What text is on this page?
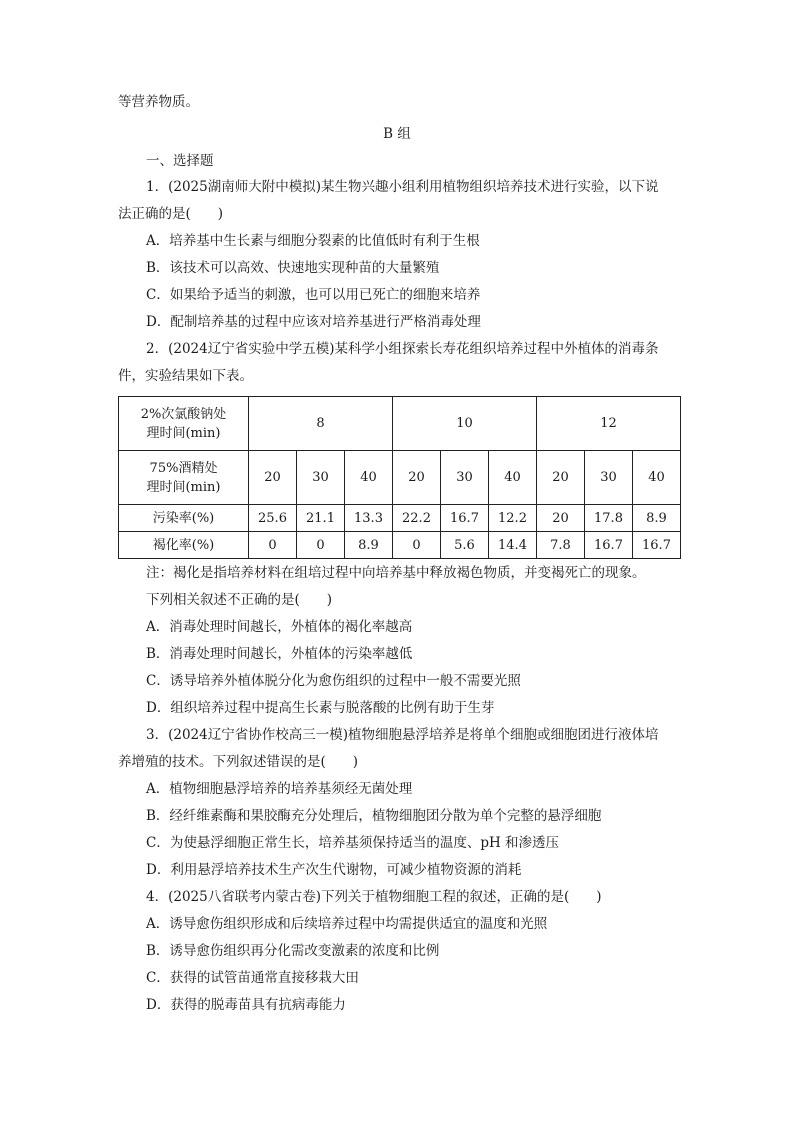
等营养物质。
B 组
一、选择题
1．(2025湖南师大附中模拟)某生物兴趣小组利用植物组织培养技术进行实验，以下说
法正确的是(　　)
A．培养基中生长素与细胞分裂素的比值低时有利于生根
B．该技术可以高效、快速地实现种苗的大量繁殖
C．如果给予适当的刺激，也可以用已死亡的细胞来培养
D．配制培养基的过程中应该对培养基进行严格消毒处理
2．(2024辽宁省实验中学五模)某科学小组探索长寿花组织培养过程中外植体的消毒条
件，实验结果如下表。
2%次氯酸钠处
理时间(min)	8			10			12		

75%酒精处
理时间(min)	20	30	40	20	30	40	20	30	40
污染率(%)	25.6	21.1	13.3	22.2	16.7	12.2	20	17.8	8.9
褐化率(%)	0	0	8.9	0	5.6	14.4	7.8	16.7	16.7
注：褐化是指培养材料在组培过程中向培养基中释放褐色物质，并变褐死亡的现象。
下列相关叙述不正确的是(　　)
A．消毒处理时间越长，外植体的褐化率越高
B．消毒处理时间越长，外植体的污染率越低
C．诱导培养外植体脱分化为愈伤组织的过程中一般不需要光照
D．组织培养过程中提高生长素与脱落酸的比例有助于生芽
3．(2024辽宁省协作校高三一模)植物细胞悬浮培养是将单个细胞或细胞团进行液体培
养增殖的技术。下列叙述错误的是(　　)
A．植物细胞悬浮培养的培养基须经无菌处理
B．经纤维素酶和果胶酶充分处理后，植物细胞团分散为单个完整的悬浮细胞
C．为使悬浮细胞正常生长，培养基须保持适当的温度、pH 和渗透压
D．利用悬浮培养技术生产次生代谢物，可减少植物资源的消耗
4．(2025八省联考内蒙古卷)下列关于植物细胞工程的叙述，正确的是(　　)
A．诱导愈伤组织形成和后续培养过程中均需提供适宜的温度和光照
B．诱导愈伤组织再分化需改变激素的浓度和比例
C．获得的试管苗通常直接移栽大田
D．获得的脱毒苗具有抗病毒能力
